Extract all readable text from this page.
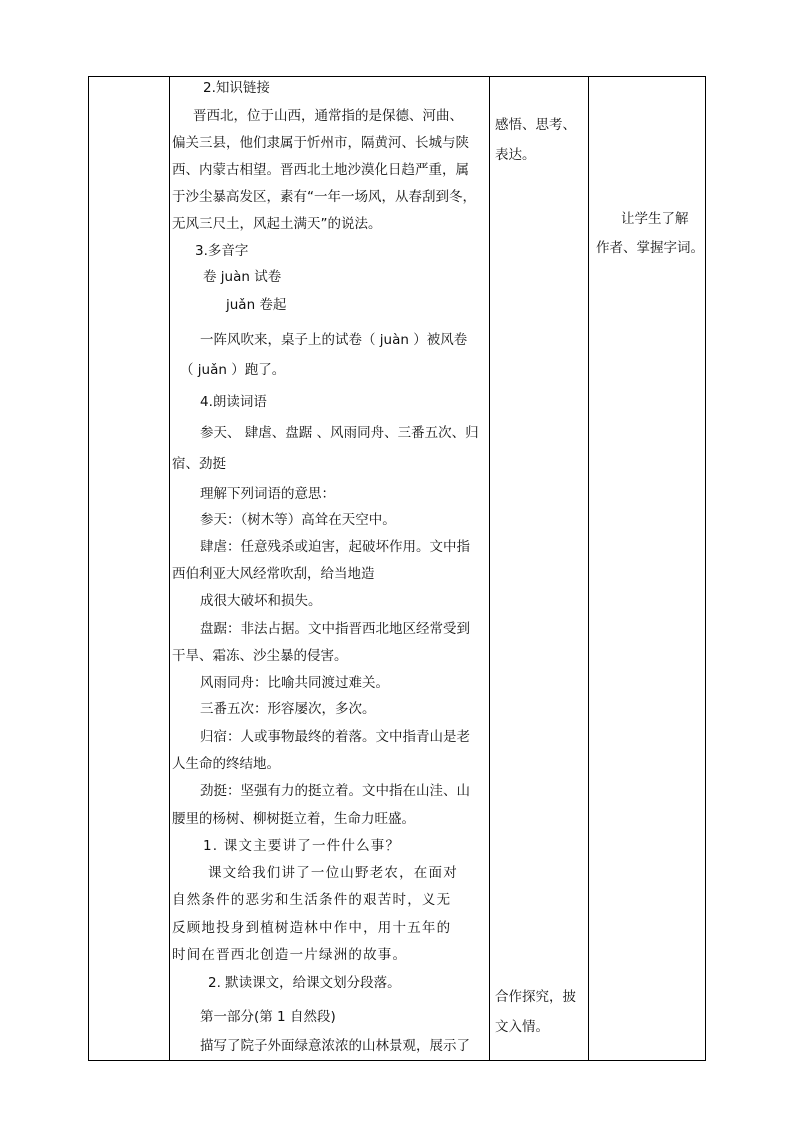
2.知识链接
晋西北，位于山西，通常指的是保德、河曲、
偏关三县，他们隶属于忻州市，隔黄河、长城与陕
西、内蒙古相望。晋西北土地沙漠化日趋严重，属
于沙尘暴高发区，素有“一年一场风，从春刮到冬，
无风三尺土，风起土满天”的说法。
3.多音字
卷 juàn 试卷
juǎn 卷起
一阵风吹来，桌子上的试卷（ juàn ）被风卷
（ juǎn ）跑了。
4.朗读词语
参天、 肆虐、盘踞 、风雨同舟、三番五次、归
宿、劲挺
理解下列词语的意思：
参天：（树木等）高耸在天空中。
肆虐：任意残杀或迫害，起破坏作用。文中指
西伯利亚大风经常吹刮，给当地造
成很大破坏和损失。
盘踞：非法占据。文中指晋西北地区经常受到
干旱、霜冻、沙尘暴的侵害。
风雨同舟：比喻共同渡过难关。
三番五次：形容屡次，多次。
归宿：人或事物最终的着落。文中指青山是老
人生命的终结地。
劲挺：坚强有力的挺立着。文中指在山洼、山
腰里的杨树、柳树挺立着，生命力旺盛。
1. 课文主要讲了一件什么事？
课文给我们讲了一位山野老农，在面对
自然条件的恶劣和生活条件的艰苦时，义无
反顾地投身到植树造林中作中，用十五年的
时间在晋西北创造一片绿洲的故事。
2. 默读课文，给课文划分段落。
第一部分(第 1 自然段)
描写了院子外面绿意浓浓的山林景观，展示了
感悟、思考、
表达。
合作探究，披
文入情。
让学生了解
作者、掌握字词。
